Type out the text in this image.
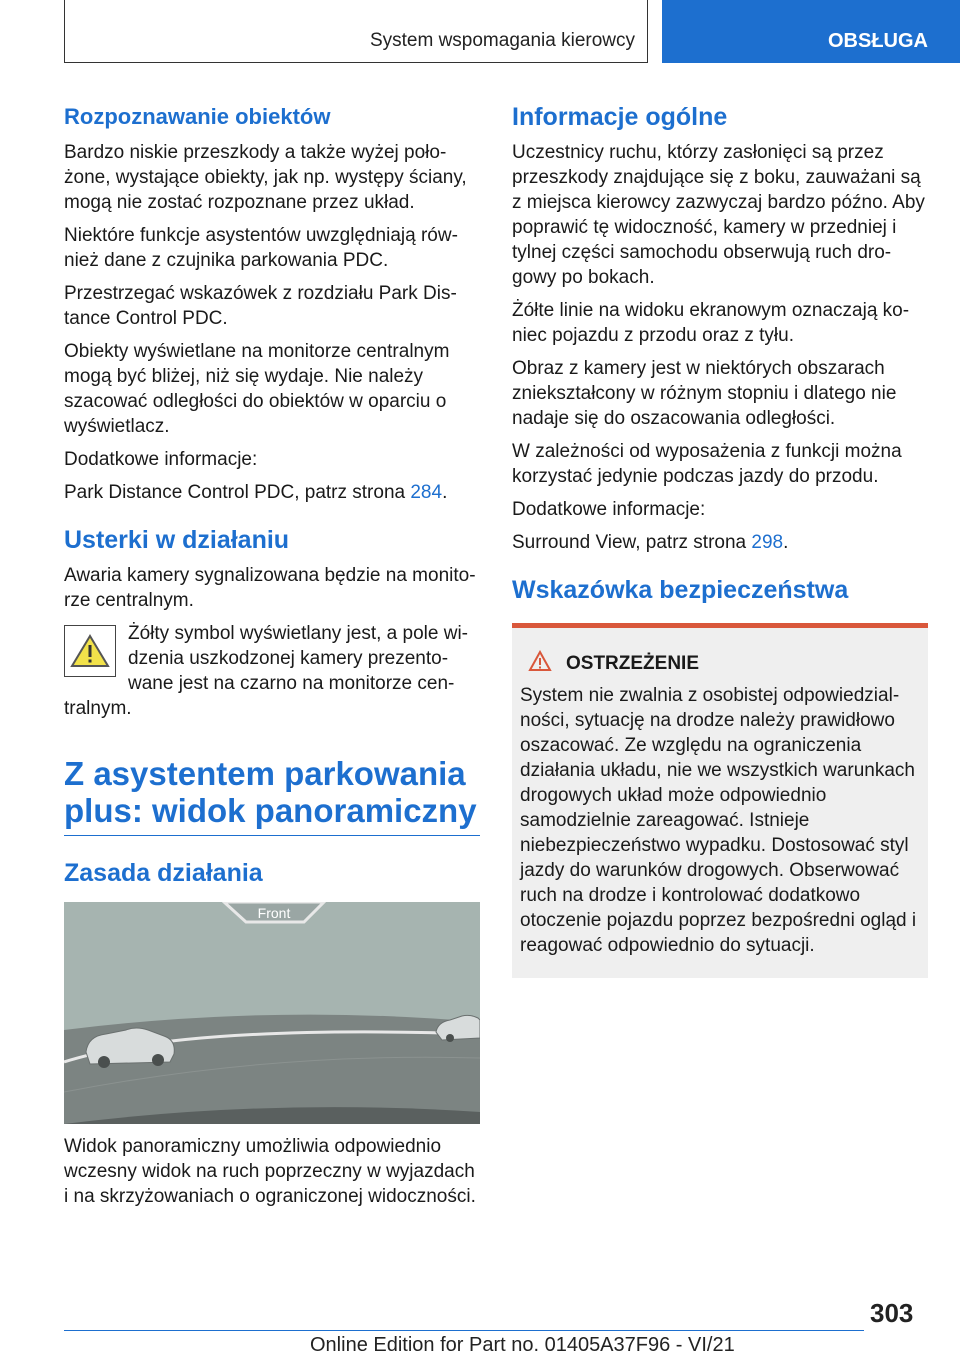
System wspomagania kierowcy	OBSŁUGA
Rozpoznawanie obiektów

Bardzo niskie przeszkody a także wyżej położone, wystające obiekty, jak np. występy ściany, mogą nie zostać rozpoznane przez układ.

Niektóre funkcje asystentów uwzględniają również dane z czujnika parkowania PDC.

Przestrzegać wskazówek z rozdziału Park Distance Control PDC.

Obiekty wyświetlane na monitorze centralnym mogą być bliżej, niż się wydaje. Nie należy szacować odległości do obiektów w oparciu o wyświetlacz.

Dodatkowe informacje:

Park Distance Control PDC, patrz strona 284.

Usterki w działaniu

Awaria kamery sygnalizowana będzie na monitorze centralnym.

Żółty symbol wyświetlany jest, a pole widzenia uszkodzonej kamery prezentowane jest na czarno na monitorze centralnym.

Z asystentem parkowania plus: widok panoramiczny
Zasada działania
Front

Widok panoramiczny umożliwia odpowiednio wczesny widok na ruch poprzeczny w wyjazdach i na skrzyżowaniach o ograniczonej widoczności.

Informacje ogólne

Uczestnicy ruchu, którzy zasłonięci są przez przeszkody znajdujące się z boku, zauważani są z miejsca kierowcy zazwyczaj bardzo późno. Aby poprawić tę widoczność, kamery w przedniej i tylnej części samochodu obserwują ruch drogowy po bokach.

Żółte linie na widoku ekranowym oznaczają koniec pojazdu z przodu oraz z tyłu.

Obraz z kamery jest w niektórych obszarach zniekształcony w różnym stopniu i dlatego nie nadaje się do oszacowania odległości.

W zależności od wyposażenia z funkcji można korzystać jedynie podczas jazdy do przodu.

Dodatkowe informacje:

Surround View, patrz strona 298.

Wskazówka bezpieczeństwa
OSTRZEŻENIE

System nie zwalnia z osobistej odpowiedzialności, sytuację na drodze należy prawidłowo oszacować. Ze względu na ograniczenia działania układu, nie we wszystkich warunkach drogowych układ może odpowiednio samodzielnie zareagować. Istnieje niebezpieczeństwo wypadku. Dostosować styl jazdy do warunków drogowych. Obserwować ruch na drodze i kontrolować dodatkowo otoczenie pojazdu poprzez bezpośredni ogląd i reagować odpowiednio do sytuacji.

303
Online Edition for Part no. 01405A37F96 - VI/21
